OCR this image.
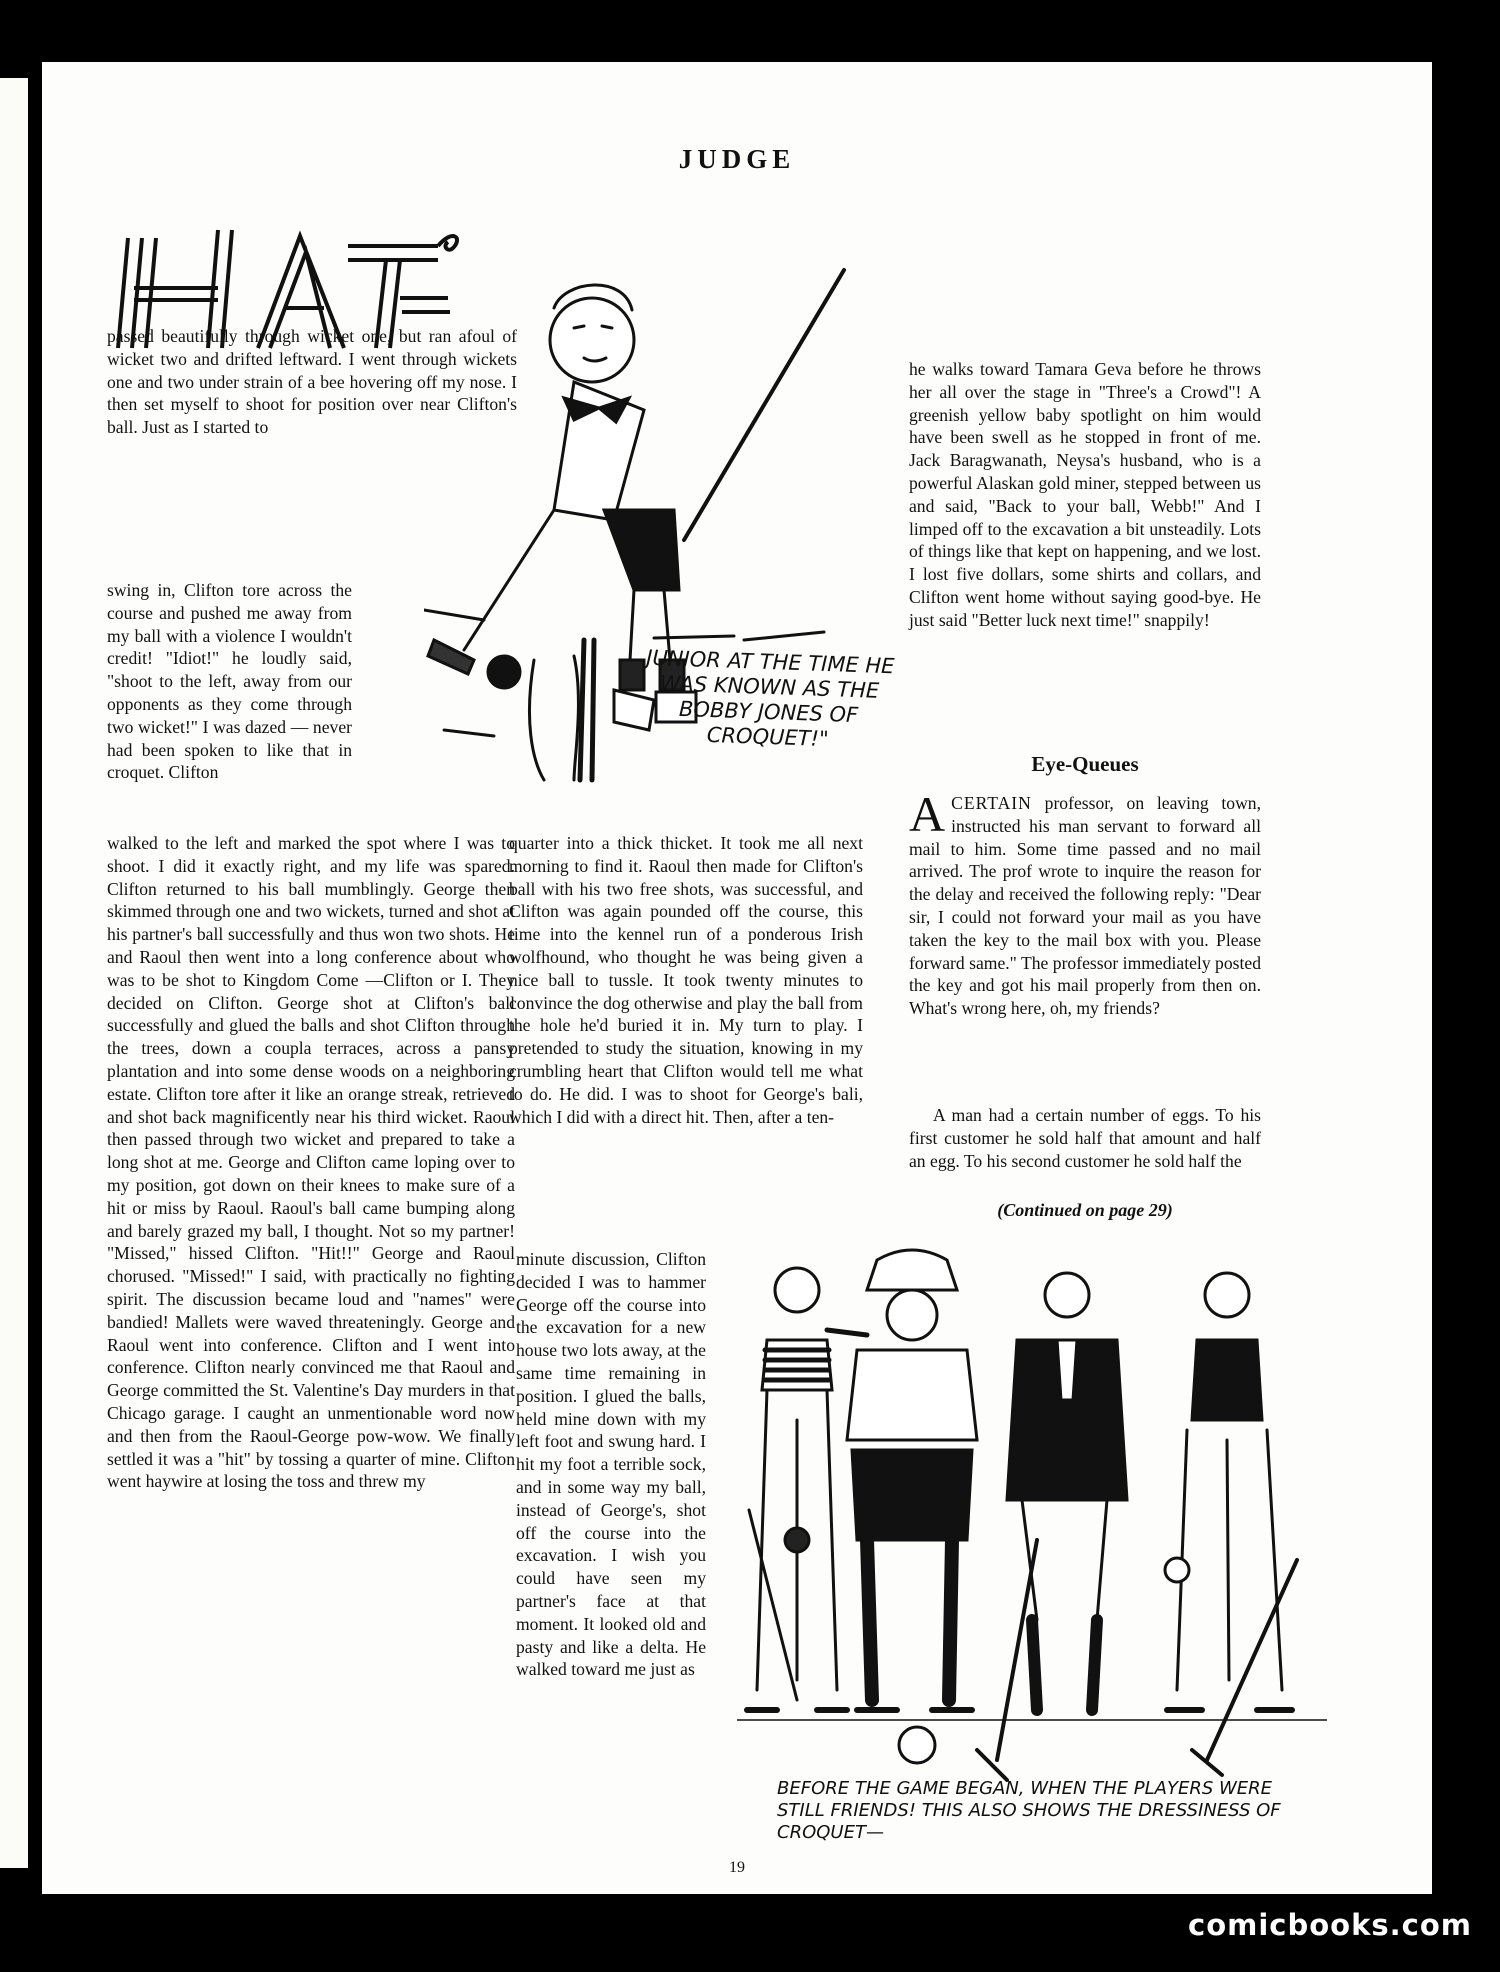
JUDGE
JUNIOR AT THE TIME HE WAS KNOWN AS THE BOBBY JONES OF CROQUET!"

passed beautifully through wicket one, but ran afoul of wicket two and drifted leftward. I went through wickets one and two under strain of a bee hovering off my nose. I then set myself to shoot for position over near Clifton's ball. Just as I started to

swing in, Clifton tore across the course and pushed me away from my ball with a violence I wouldn't credit! "Idiot!" he loudly said, "shoot to the left, away from our opponents as they come through two wicket!" I was dazed — never had been spoken to like that in croquet. Clifton

walked to the left and marked the spot where I was to shoot. I did it exactly right, and my life was spared. Clifton returned to his ball mumblingly. George then skimmed through one and two wickets, turned and shot at his partner's ball successfully and thus won two shots. He and Raoul then went into a long conference about who was to be shot to Kingdom Come —Clifton or I. They decided on Clifton. George shot at Clifton's ball successfully and glued the balls and shot Clifton through the trees, down a coupla terraces, across a pansy plantation and into some dense woods on a neighboring estate. Clifton tore after it like an orange streak, retrieved and shot back magnificently near his third wicket. Raoul then passed through two wicket and prepared to take a long shot at me. George and Clifton came loping over to my position, got down on their knees to make sure of a hit or miss by Raoul. Raoul's ball came bumping along and barely grazed my ball, I thought. Not so my partner! "Missed," hissed Clifton. "Hit!!" George and Raoul chorused. "Missed!" I said, with practically no fighting spirit. The discussion became loud and "names" were bandied! Mallets were waved threateningly. George and Raoul went into conference. Clifton and I went into conference. Clifton nearly convinced me that Raoul and George committed the St. Valentine's Day murders in that Chicago garage. I caught an unmentionable word now and then from the Raoul-George pow-wow. We finally settled it was a "hit" by tossing a quarter of mine. Clifton went haywire at losing the toss and threw my

quarter into a thick thicket. It took me all next morning to find it. Raoul then made for Clifton's ball with his two free shots, was successful, and Clifton was again pounded off the course, this time into the kennel run of a ponderous Irish wolfhound, who thought he was being given a nice ball to tussle. It took twenty minutes to convince the dog otherwise and play the ball from the hole he'd buried it in. My turn to play. I pretended to study the situation, knowing in my crumbling heart that Clifton would tell me what to do. He did. I was to shoot for George's bali, which I did with a direct hit. Then, after a ten-

minute discussion, Clifton decided I was to hammer George off the course into the excavation for a new house two lots away, at the same time remaining in position. I glued the balls, held mine down with my left foot and swung hard. I hit my foot a terrible sock, and in some way my ball, instead of George's, shot off the course into the excavation. I wish you could have seen my partner's face at that moment. It looked old and pasty and like a delta. He walked toward me just as

he walks toward Tamara Geva before he throws her all over the stage in "Three's a Crowd"! A greenish yellow baby spotlight on him would have been swell as he stopped in front of me. Jack Baragwanath, Neysa's husband, who is a powerful Alaskan gold miner, stepped between us and said, "Back to your ball, Webb!" And I limped off to the excavation a bit unsteadily. Lots of things like that kept on happening, and we lost. I lost five dollars, some shirts and collars, and Clifton went home without saying good-bye. He just said "Better luck next time!" snappily!

Eye-Queues

ACERTAIN professor, on leaving town, instructed his man servant to forward all mail to him. Some time passed and no mail arrived. The prof wrote to inquire the reason for the delay and received the following reply: "Dear sir, I could not forward your mail as you have taken the key to the mail box with you. Please forward same." The professor immediately posted the key and got his mail properly from then on. What's wrong here, oh, my friends?

A man had a certain number of eggs. To his first customer he sold half that amount and half an egg. To his second customer he sold half the

(Continued on page 29)
BEFORE THE GAME BEGAN, WHEN THE PLAYERS WERE STILL FRIENDS! THIS ALSO SHOWS THE DRESSINESS OF CROQUET—
19
comicbooks.com
